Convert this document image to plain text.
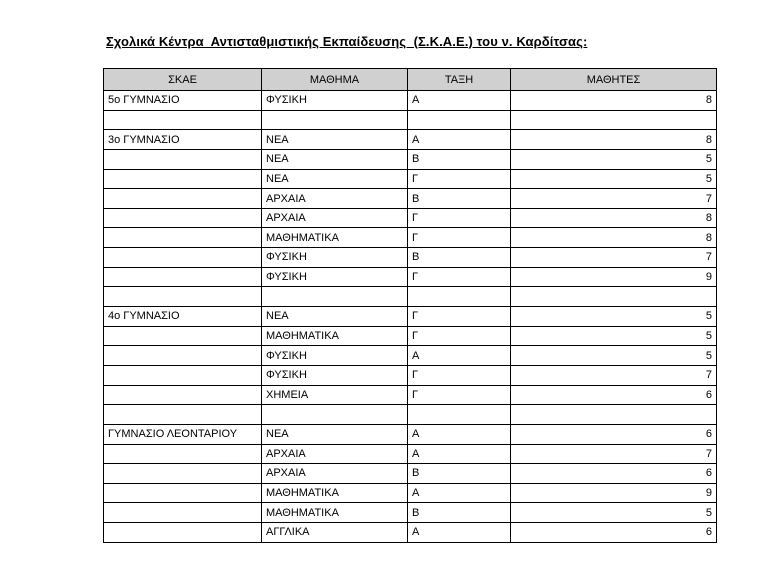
Σχολικά Κέντρα  Αντισταθμιστικής Εκπαίδευσης  (Σ.Κ.Α.Ε.) του ν. Καρδίτσας:
ΣΚΑΕ	ΜΑΘΗΜΑ	ΤΑΞΗ	ΜΑΘΗΤΕΣ
5ο ΓΥΜΝΑΣΙΟ	ΦΥΣΙΚΗ	Α	8

3ο ΓΥΜΝΑΣΙΟ	ΝΕΑ	Α	8
	ΝΕΑ	Β	5
	ΝΕΑ	Γ	5
	ΑΡΧΑΙΑ	Β	7
	ΑΡΧΑΙΑ	Γ	8
	ΜΑΘΗΜΑΤΙΚΑ	Γ	8
	ΦΥΣΙΚΗ	Β	7
	ΦΥΣΙΚΗ	Γ	9

4ο ΓΥΜΝΑΣΙΟ	ΝΕΑ	Γ	5
	ΜΑΘΗΜΑΤΙΚΑ	Γ	5
	ΦΥΣΙΚΗ	Α	5
	ΦΥΣΙΚΗ	Γ	7
	ΧΗΜΕΙΑ	Γ	6

ΓΥΜΝΑΣΙΟ ΛΕΟΝΤΑΡΙΟΥ	ΝΕΑ	Α	6
	ΑΡΧΑΙΑ	Α	7
	ΑΡΧΑΙΑ	Β	6
	ΜΑΘΗΜΑΤΙΚΑ	Α	9
	ΜΑΘΗΜΑΤΙΚΑ	Β	5
	ΑΓΓΛΙΚΑ	Α	6
